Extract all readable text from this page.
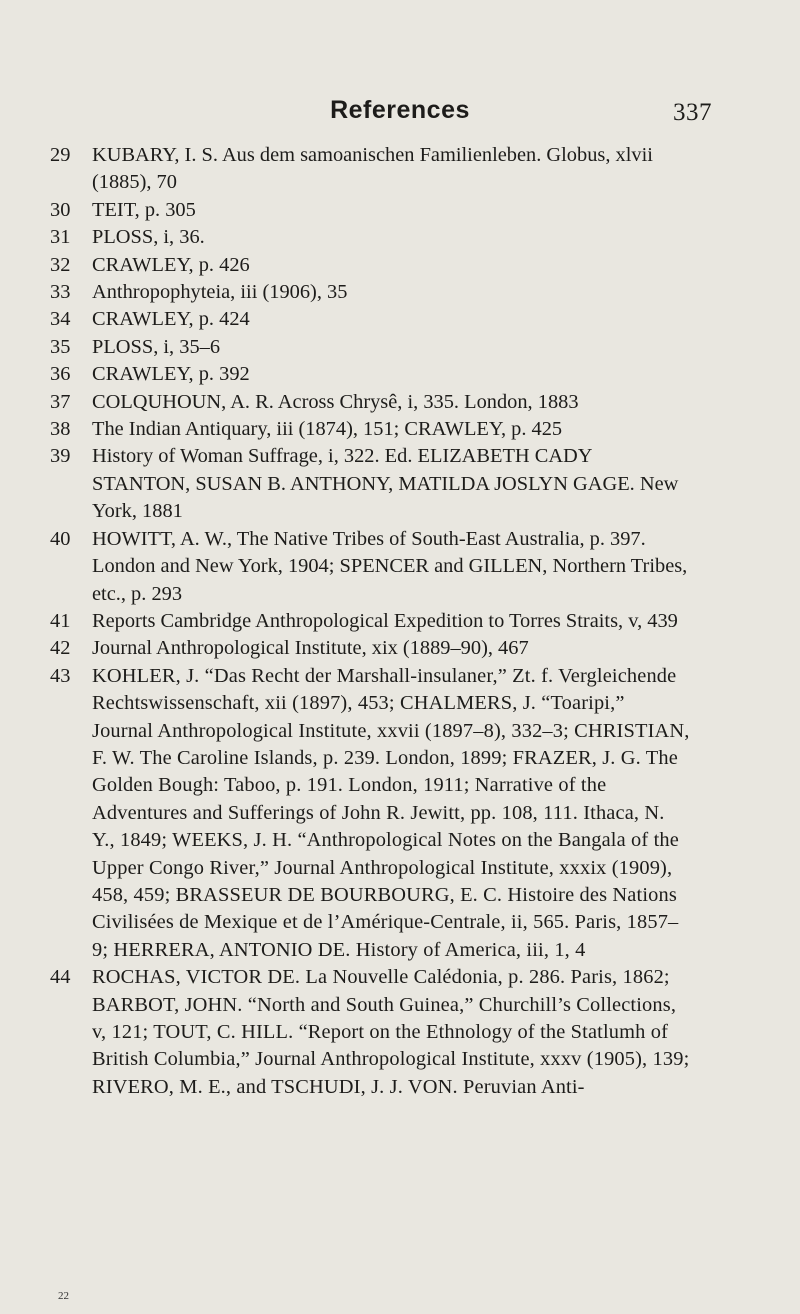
References	337
29	KUBARY, I. S. Aus dem samoanischen Familienleben. Globus, xlvii (1885), 70
30	TEIT, p. 305
31	PLOSS, i, 36.
32	CRAWLEY, p. 426
33	Anthropophyteia, iii (1906), 35
34	CRAWLEY, p. 424
35	PLOSS, i, 35–6
36	CRAWLEY, p. 392
37	COLQUHOUN, A. R. Across Chrysê, i, 335. London, 1883
38	The Indian Antiquary, iii (1874), 151; CRAWLEY, p. 425
39	History of Woman Suffrage, i, 322. Ed. ELIZABETH CADY STANTON, SUSAN B. ANTHONY, MATILDA JOSLYN GAGE. New York, 1881
40	HOWITT, A. W., The Native Tribes of South-East Australia, p. 397. London and New York, 1904; SPENCER and GILLEN, Northern Tribes, etc., p. 293
41	Reports Cambridge Anthropological Expedition to Torres Straits, v, 439
42	Journal Anthropological Institute, xix (1889–90), 467
43	KOHLER, J. “Das Recht der Marshall-insulaner,” Zt. f. Vergleichende Rechtswissenschaft, xii (1897), 453; CHALMERS, J. “Toaripi,” Journal Anthropological Institute, xxvii (1897–8), 332–3; CHRISTIAN, F. W. The Caroline Islands, p. 239. London, 1899; FRAZER, J. G. The Golden Bough: Taboo, p. 191. London, 1911; Narrative of the Adventures and Sufferings of John R. Jewitt, pp. 108, 111. Ithaca, N. Y., 1849; WEEKS, J. H. “Anthropological Notes on the Bangala of the Upper Congo River,” Journal Anthropological Institute, xxxix (1909), 458, 459; BRASSEUR DE BOURBOURG, E. C. Histoire des Nations Civilisées de Mexique et de l’Amérique-Centrale, ii, 565. Paris, 1857–9; HERRERA, ANTONIO DE. History of America, iii, 1, 4
44	ROCHAS, VICTOR DE. La Nouvelle Calédonia, p. 286. Paris, 1862; BARBOT, JOHN. “North and South Guinea,” Churchill’s Collections, v, 121; TOUT, C. HILL. “Report on the Ethnology of the Statlumh of British Columbia,” Journal Anthropological Institute, xxxv (1905), 139; RIVERO, M. E., and TSCHUDI, J. J. VON. Peruvian Anti-
22
